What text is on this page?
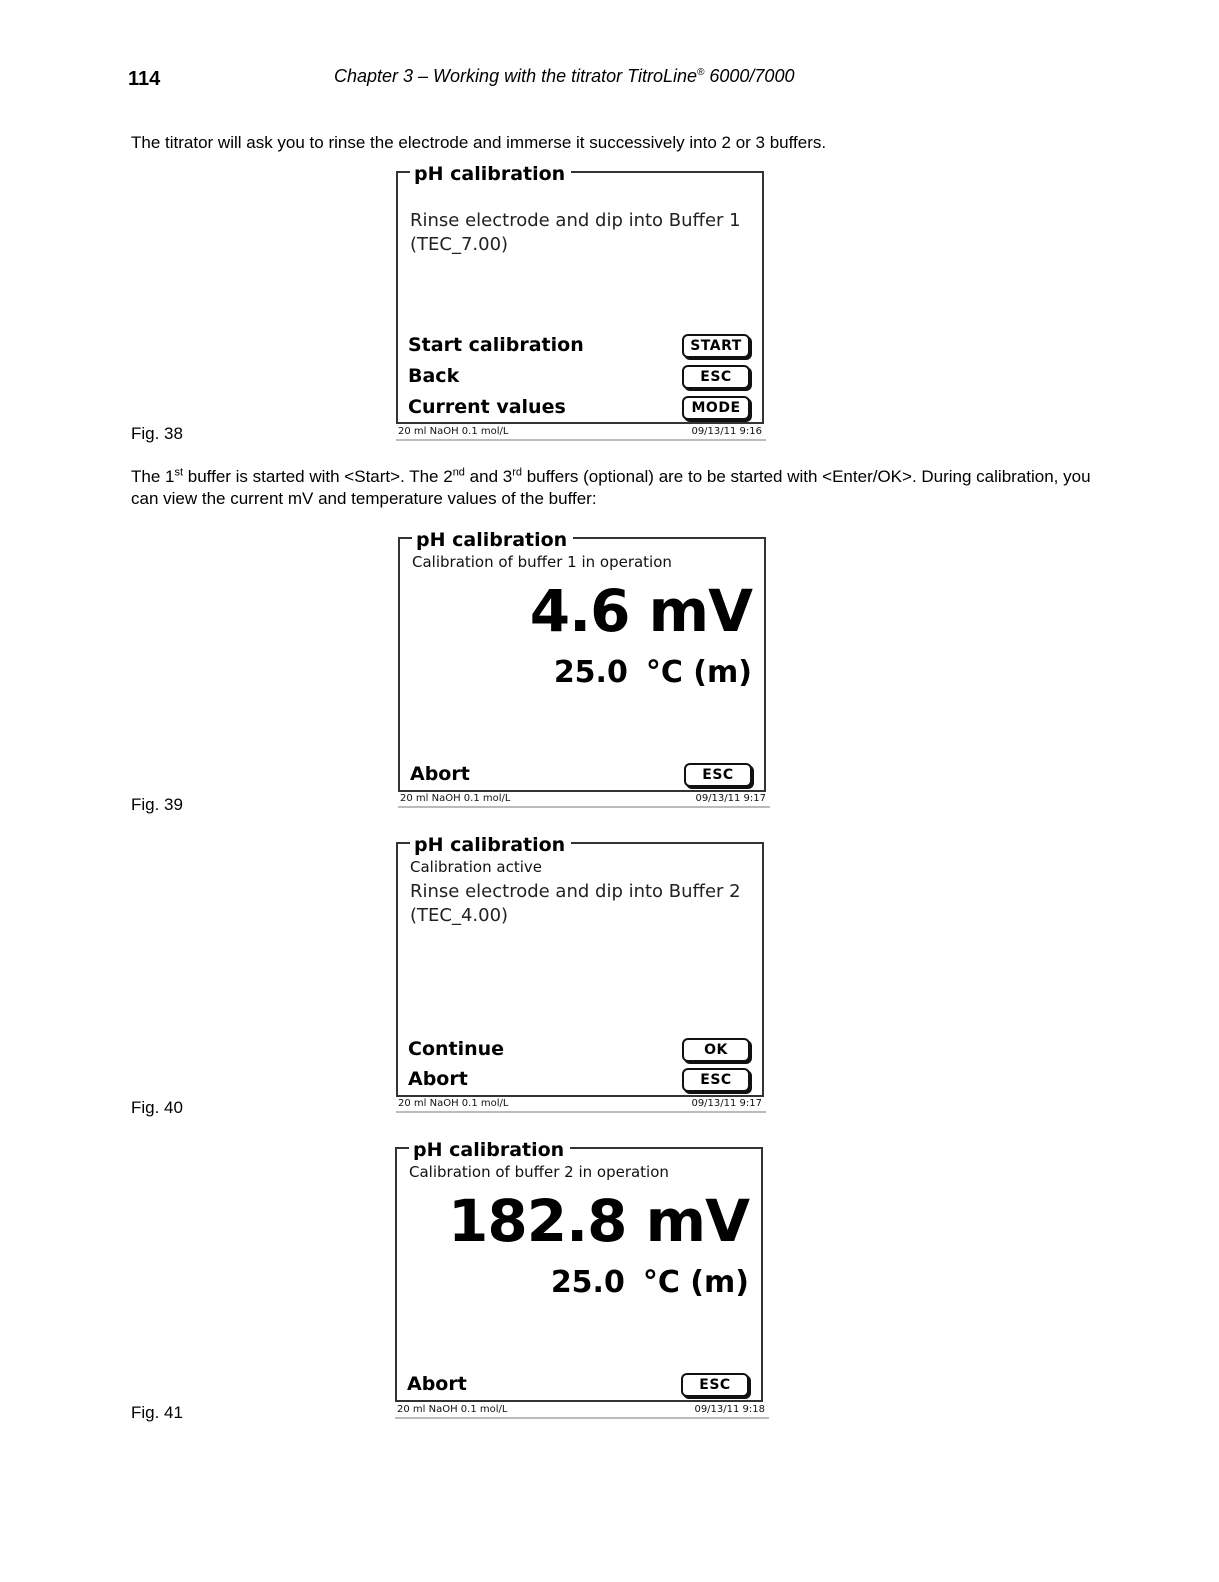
114	Chapter 3 – Working with the titrator TitroLine® 6000/7000
The titrator will ask you to rinse the electrode and immerse it successively into 2 or 3 buffers.
pH calibration
Rinse electrode and dip into Buffer 1
(TEC_7.00)
Start calibration	START
Back	ESC
Current values	MODE
20 ml NaOH 0.1 mol/L	09/13/11 9:16
Fig. 38
The 1st buffer is started with <Start>. The 2nd and 3rd buffers (optional) are to be started with <Enter/OK>. During calibration, you can view the current mV and temperature values of the buffer:
pH calibration
Calibration of buffer 1 in operation
4.6 mV
25.0 °C (m)
Abort	ESC
20 ml NaOH 0.1 mol/L	09/13/11 9:17
Fig. 39
pH calibration
Calibration active
Rinse electrode and dip into Buffer 2
(TEC_4.00)
Continue	OK
Abort	ESC
20 ml NaOH 0.1 mol/L	09/13/11 9:17
Fig. 40
pH calibration
Calibration of buffer 2 in operation
182.8 mV
25.0 °C (m)
Abort	ESC
20 ml NaOH 0.1 mol/L	09/13/11 9:18
Fig. 41
